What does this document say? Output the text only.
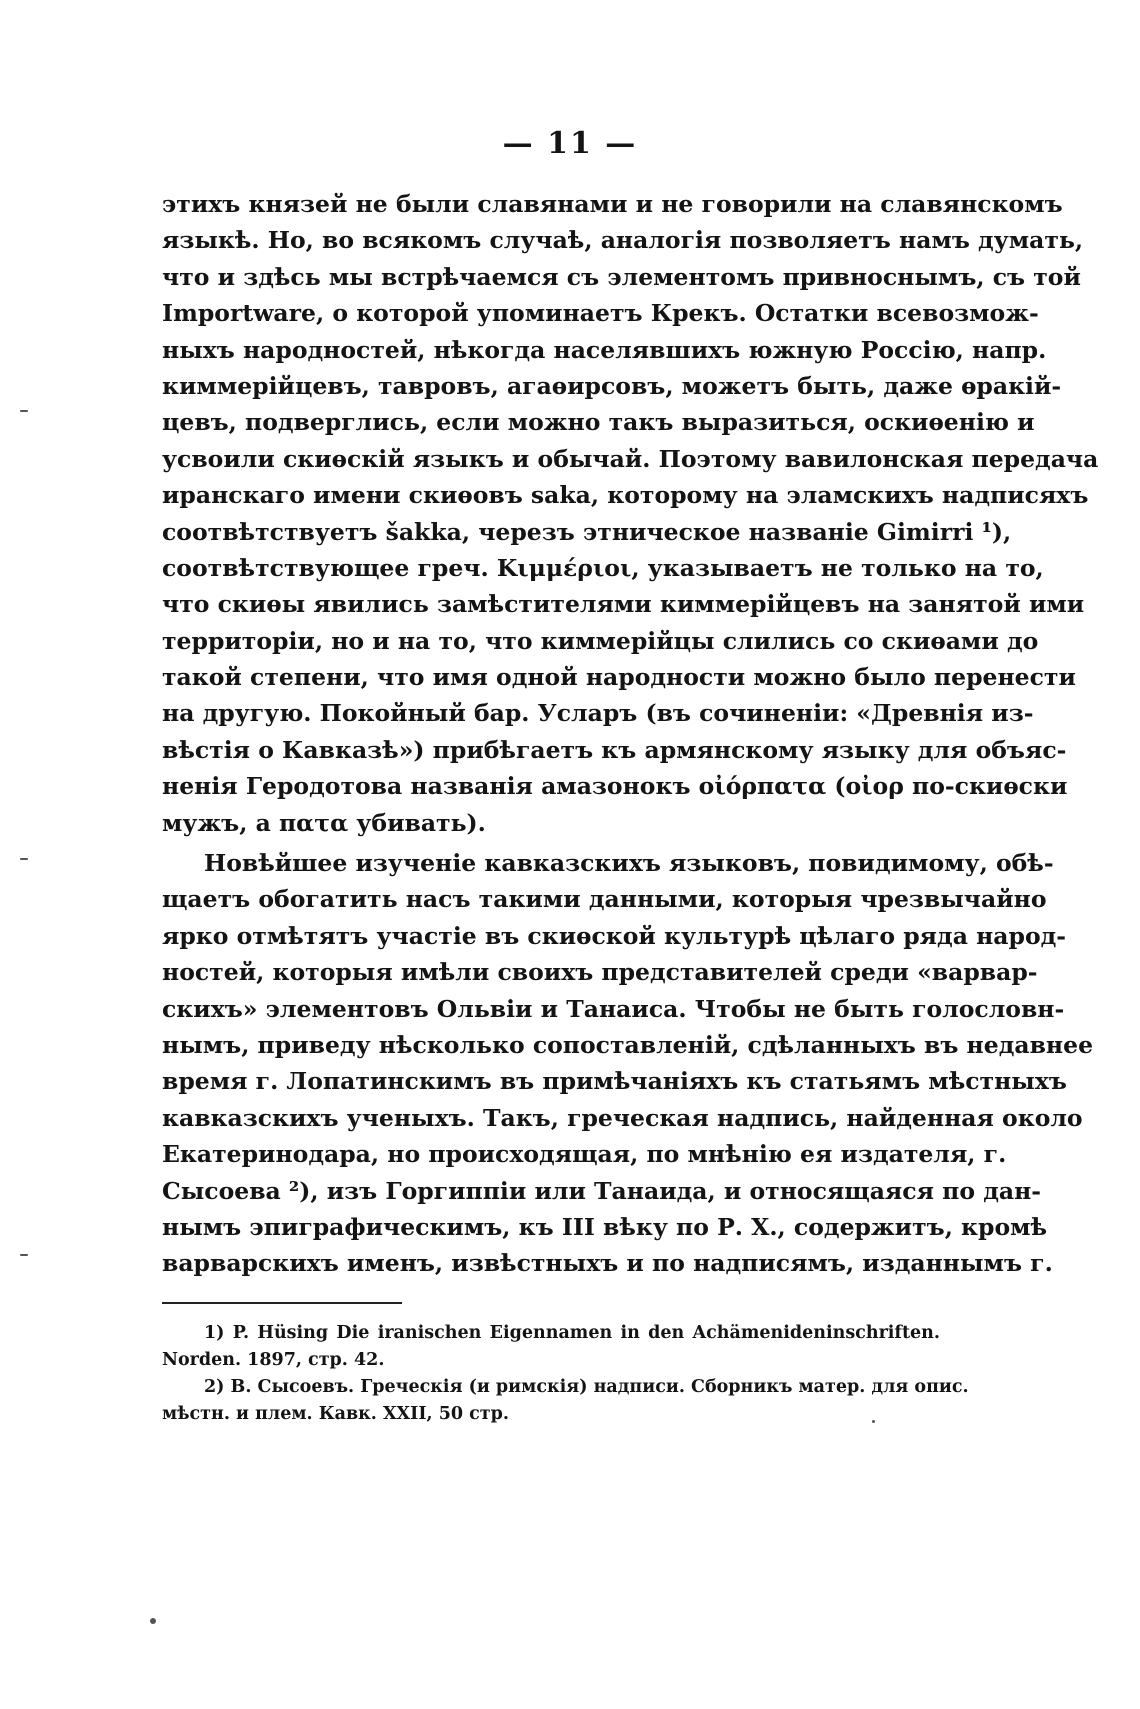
— 11 —
этихъ князей не были славянами и не говорили на славянскомъ
языкѣ. Но, во всякомъ случаѣ, аналогія позволяетъ намъ думать,
что и здѣсь мы встрѣчаемся съ элементомъ привноснымъ, съ той
Importware, о которой упоминаетъ Крекъ. Остатки всевозмож-
ныхъ народностей, нѣкогда населявшихъ южную Россію, напр.
киммерійцевъ, тавровъ, агаѳирсовъ, можетъ быть, даже ѳракій-
цевъ, подверглись, если можно такъ выразиться, оскиѳенію и
усвоили скиѳскій языкъ и обычай. Поэтому вавилонская передача
иранскаго имени скиѳовъ saka, которому на эламскихъ надписяхъ
соотвѣтствуетъ šakka, черезъ этническое названіе Gimirri ¹),
соотвѣтствующее греч. Κιμμέριοι, указываетъ не только на то,
что скиѳы явились замѣстителями киммерійцевъ на занятой ими
территоріи, но и на то, что киммерійцы слились со скиѳами до
такой степени, что имя одной народности можно было перенести
на другую. Покойный бар. Усларъ (въ сочиненіи: «Древнія из-
вѣстія о Кавказѣ») прибѣгаетъ къ армянскому языку для объяс-
ненія Геродотова названія амазонокъ οἰόρπατα (οἰορ по-скиѳски
мужъ, а πατα убивать).
Новѣйшее изученіе кавказскихъ языковъ, повидимому, обѣ-
щаетъ обогатить насъ такими данными, которыя чрезвычайно
ярко отмѣтятъ участіе въ скиѳской культурѣ цѣлаго ряда народ-
ностей, которыя имѣли своихъ представителей среди «варвар-
скихъ» элементовъ Ольвіи и Танаиса. Чтобы не быть голословн-
нымъ, приведу нѣсколько сопоставленій, сдѣланныхъ въ недавнее
время г. Лопатинскимъ въ примѣчаніяхъ къ статьямъ мѣстныхъ
кавказскихъ ученыхъ. Такъ, греческая надпись, найденная около
Екатеринодара, но происходящая, по мнѣнію ея издателя, г.
Сысоева ²), изъ Горгиппіи или Танаида, и относящаяся по дан-
нымъ эпиграфическимъ, къ III вѣку по Р. Х., содержитъ, кромѣ
варварскихъ именъ, извѣстныхъ и по надписямъ, изданнымъ г.
1) P. Hüsing Die iranischen Eigennamen in den Achämenideninschriften.
Norden. 1897, стр. 42.
2) В. Сысоевъ. Греческія (и римскія) надписи. Сборникъ матер. для опис.
мѣстн. и плем. Кавк. XXII, 50 стр.
